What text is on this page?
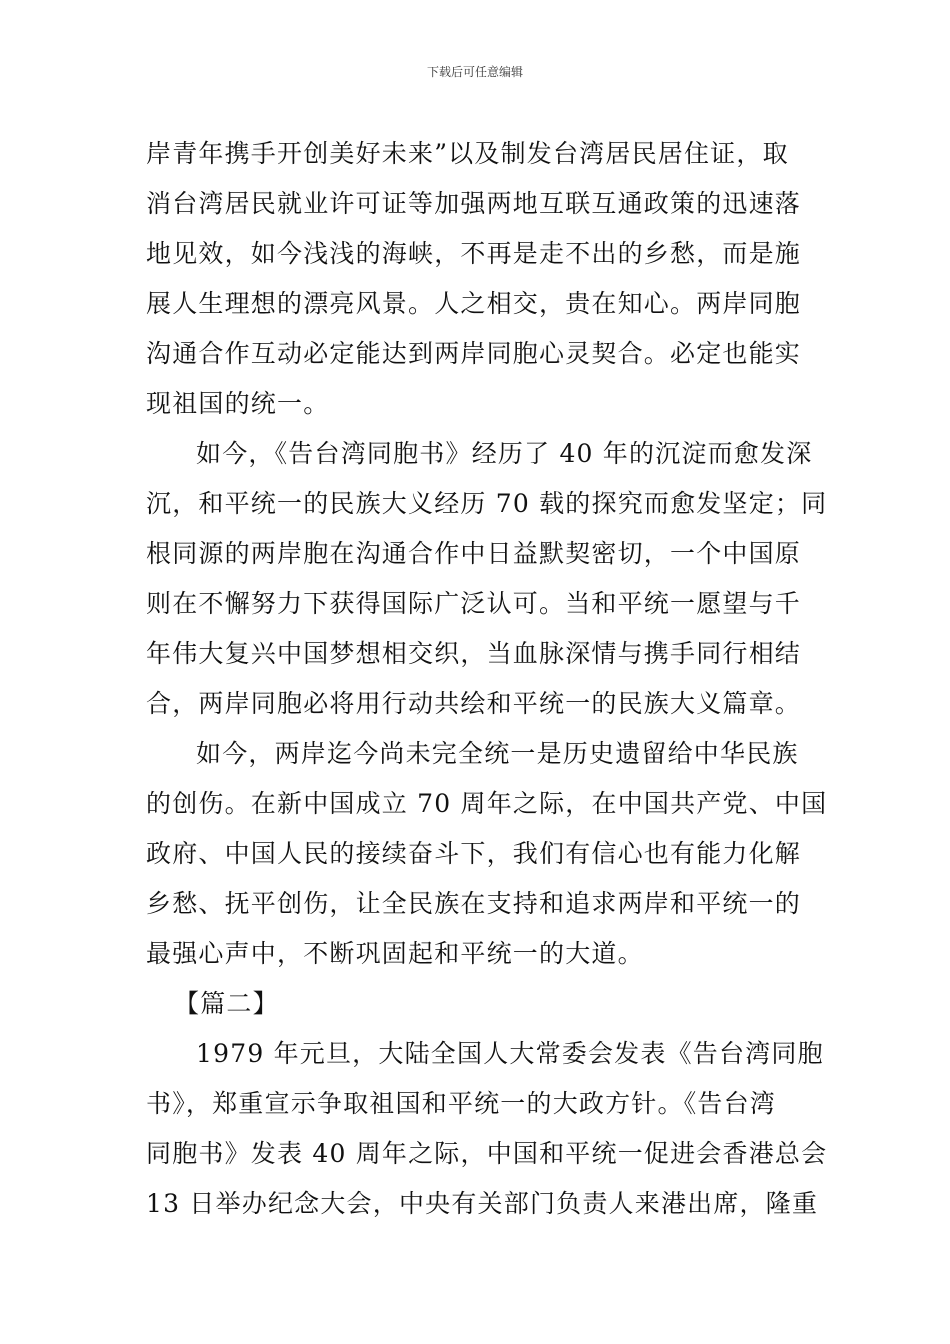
下载后可任意编辑
岸青年携手开创美好未来”以及制发台湾居民居住证，取
消台湾居民就业许可证等加强两地互联互通政策的迅速落
地见效，如今浅浅的海峡，不再是走不出的乡愁，而是施
展人生理想的漂亮风景。人之相交，贵在知心。两岸同胞
沟通合作互动必定能达到两岸同胞心灵契合。必定也能实
现祖国的统一。
如今，《告台湾同胞书》经历了 40 年的沉淀而愈发深
沉，和平统一的民族大义经历 70 载的探究而愈发坚定；同
根同源的两岸胞在沟通合作中日益默契密切，一个中国原
则在不懈努力下获得国际广泛认可。当和平统一愿望与千
年伟大复兴中国梦想相交织，当血脉深情与携手同行相结
合，两岸同胞必将用行动共绘和平统一的民族大义篇章。
如今，两岸迄今尚未完全统一是历史遗留给中华民族
的创伤。在新中国成立 70 周年之际，在中国共产党、中国
政府、中国人民的接续奋斗下，我们有信心也有能力化解
乡愁、抚平创伤，让全民族在支持和追求两岸和平统一的
最强心声中，不断巩固起和平统一的大道。
【篇二】
1979 年元旦，大陆全国人大常委会发表《告台湾同胞
书》，郑重宣示争取祖国和平统一的大政方针。《告台湾
同胞书》发表 40 周年之际，中国和平统一促进会香港总会
13 日举办纪念大会，中央有关部门负责人来港出席，隆重
